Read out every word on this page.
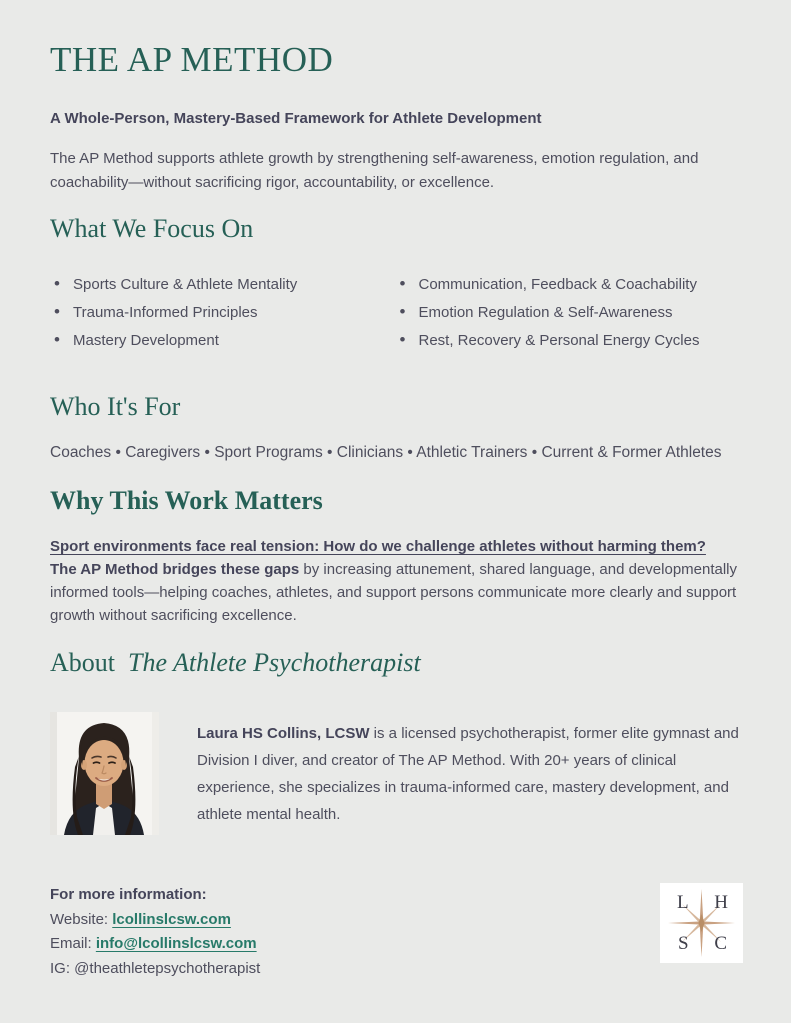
THE AP METHOD

A Whole-Person, Mastery-Based Framework for Athlete Development

The AP Method supports athlete growth by strengthening self-awareness, emotion regulation, and coachability—without sacrificing rigor, accountability, or excellence.

What We Focus On
• Sports Culture & Athlete Mentality
• Trauma-Informed Principles
• Mastery Development
• Communication, Feedback & Coachability
• Emotion Regulation & Self-Awareness
• Rest, Recovery & Personal Energy Cycles
Who It's For

Coaches • Caregivers • Sport Programs • Clinicians • Athletic Trainers • Current & Former Athletes

Why This Work Matters

Sport environments face real tension: How do we challenge athletes without harming them?
The AP Method bridges these gaps by increasing attunement, shared language, and developmentally informed tools—helping coaches, athletes, and support persons communicate more clearly and support growth without sacrificing excellence.

About The Athlete Psychotherapist

Laura HS Collins, LCSW is a licensed psychotherapist, former elite gymnast and Division I diver, and creator of The AP Method. With 20+ years of clinical experience, she specializes in trauma-informed care, mastery development, and athlete mental health.

For more information:
Website: lcollinslcsw.com
Email: info@lcollinslcsw.com
IG: @theathletepsychotherapist
L H
S C
